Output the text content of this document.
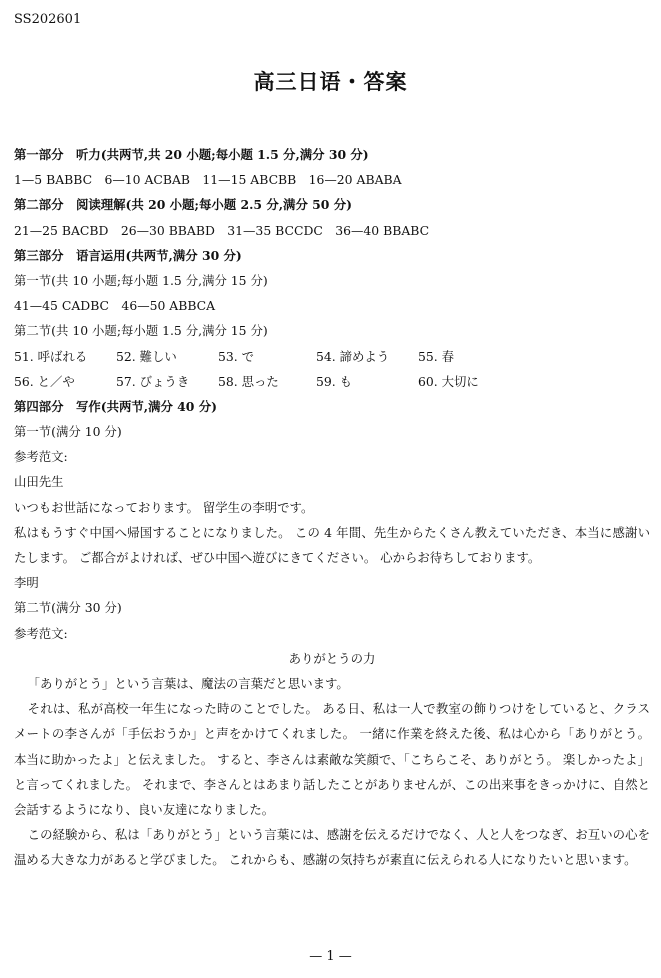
SS202601
高三日语・答案
第一部分　听力(共两节,共 20 小题;每小题 1.5 分,满分 30 分)
1—5 BABBC　6—10 ACBAB　11—15 ABCBB　16—20 ABABA
第二部分　阅读理解(共 20 小题;每小题 2.5 分,满分 50 分)
21—25 BACBD　26—30 BBABD　31—35 BCCDC　36—40 BBABC
第三部分　语言运用(共两节,满分 30 分)
第一节(共 10 小题;每小题 1.5 分,满分 15 分)
41—45 CADBC　46—50 ABBCA
第二节(共 10 小题;每小题 1.5 分,满分 15 分)
51. 呼ばれる	52. 難しい	53. で	54. 諦めよう	55. 春
56. と／や	57. びょうき	58. 思った	59. も	60. 大切に
第四部分　写作(共两节,满分 40 分)
第一节(满分 10 分)
参考范文:
山田先生
いつもお世話になっております。 留学生の李明です。
私はもうすぐ中国へ帰国することになりました。 この 4 年間、先生からたくさん教えていただき、本当に感謝いたします。 ご都合がよければ、ぜひ中国へ遊びにきてください。 心からお待ちしております。
李明
第二节(满分 30 分)
参考范文:
ありがとうの力
「ありがとう」という言葉は、魔法の言葉だと思います。
それは、私が高校一年生になった時のことでした。 ある日、私は一人で教室の飾りつけをしていると、クラスメートの李さんが「手伝おうか」と声をかけてくれました。 一緒に作業を終えた後、私は心から「ありがとう。 本当に助かったよ」と伝えました。 すると、李さんは素敵な笑顔で、「こちらこそ、ありがとう。 楽しかったよ」と言ってくれました。 それまで、李さんとはあまり話したことがありませんが、この出来事をきっかけに、自然と会話するようになり、良い友達になりました。
この経験から、私は「ありがとう」という言葉には、感謝を伝えるだけでなく、人と人をつなぎ、お互いの心を温める大きな力があると学びました。 これからも、感謝の気持ちが素直に伝えられる人になりたいと思います。
— 1 —
